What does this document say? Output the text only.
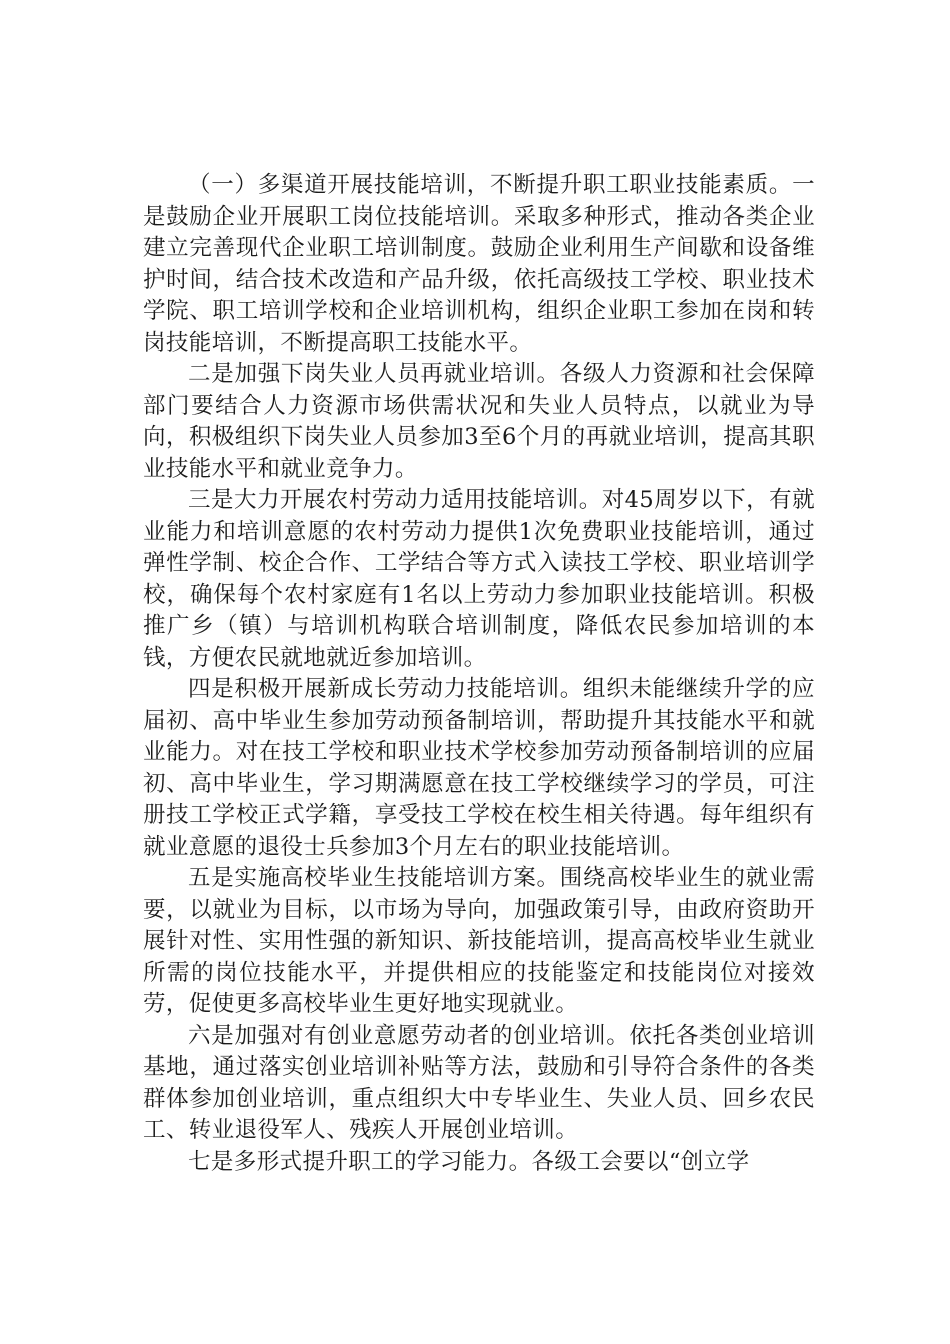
（一）多渠道开展技能培训，不断提升职工职业技能素质。一是鼓励企业开展职工岗位技能培训。采取多种形式，推动各类企业建立完善现代企业职工培训制度。鼓励企业利用生产间歇和设备维护时间，结合技术改造和产品升级，依托高级技工学校、职业技术学院、职工培训学校和企业培训机构，组织企业职工参加在岗和转岗技能培训，不断提高职工技能水平。

二是加强下岗失业人员再就业培训。各级人力资源和社会保障部门要结合人力资源市场供需状况和失业人员特点，以就业为导向，积极组织下岗失业人员参加3至6个月的再就业培训，提高其职业技能水平和就业竞争力。

三是大力开展农村劳动力适用技能培训。对45周岁以下，有就业能力和培训意愿的农村劳动力提供1次免费职业技能培训，通过弹性学制、校企合作、工学结合等方式入读技工学校、职业培训学校，确保每个农村家庭有1名以上劳动力参加职业技能培训。积极推广乡（镇）与培训机构联合培训制度，降低农民参加培训的本钱，方便农民就地就近参加培训。

四是积极开展新成长劳动力技能培训。组织未能继续升学的应届初、高中毕业生参加劳动预备制培训，帮助提升其技能水平和就业能力。对在技工学校和职业技术学校参加劳动预备制培训的应届初、高中毕业生，学习期满愿意在技工学校继续学习的学员，可注册技工学校正式学籍，享受技工学校在校生相关待遇。每年组织有就业意愿的退役士兵参加3个月左右的职业技能培训。

五是实施高校毕业生技能培训方案。围绕高校毕业生的就业需要，以就业为目标，以市场为导向，加强政策引导，由政府资助开展针对性、实用性强的新知识、新技能培训，提高高校毕业生就业所需的岗位技能水平，并提供相应的技能鉴定和技能岗位对接效劳，促使更多高校毕业生更好地实现就业。

六是加强对有创业意愿劳动者的创业培训。依托各类创业培训基地，通过落实创业培训补贴等方法，鼓励和引导符合条件的各类群体参加创业培训，重点组织大中专毕业生、失业人员、回乡农民工、转业退役军人、残疾人开展创业培训。

七是多形式提升职工的学习能力。各级工会要以“创立学
